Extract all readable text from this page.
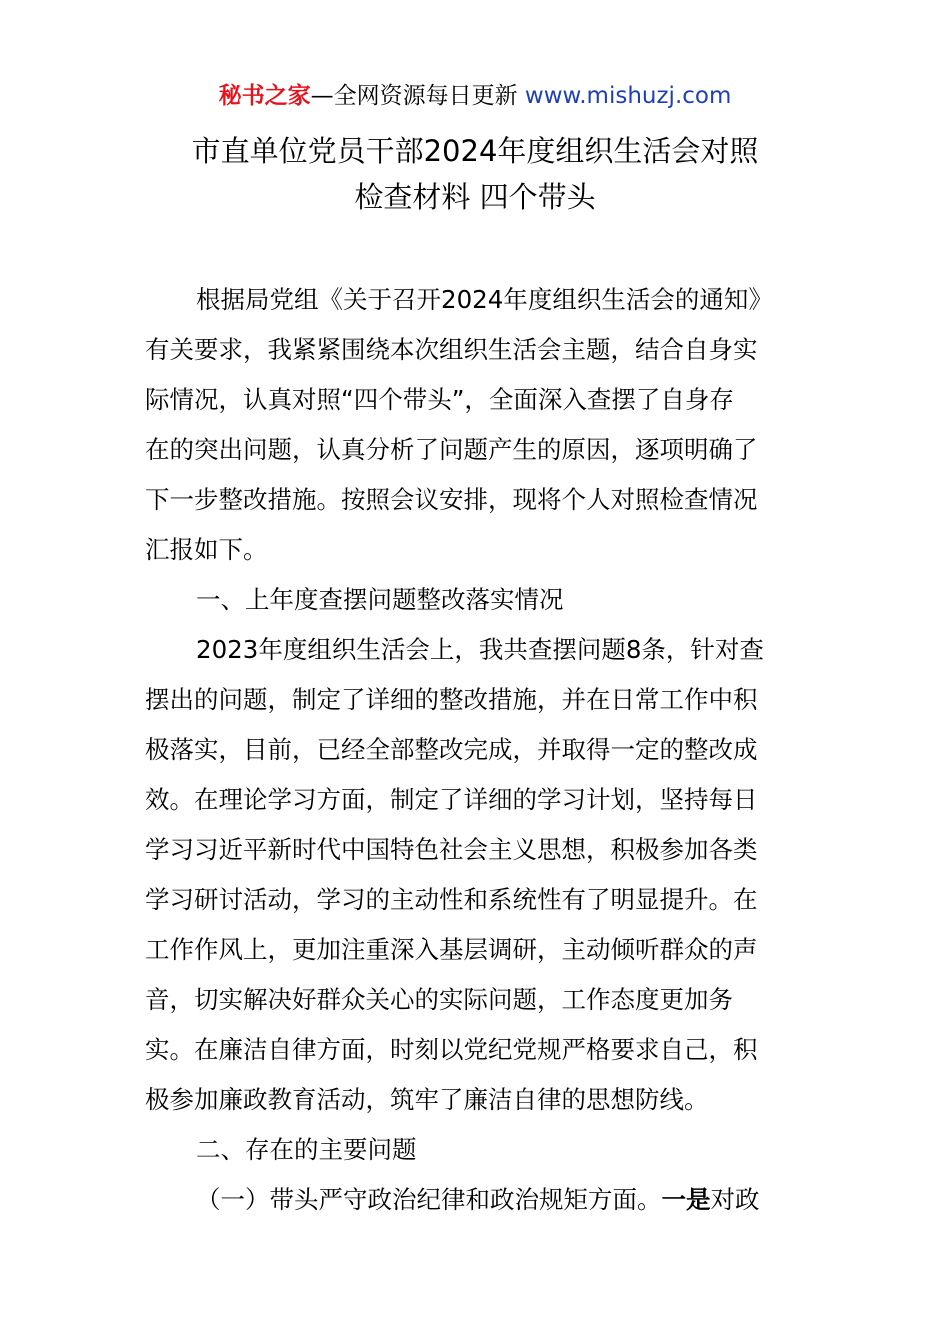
秘书之家—全网资源每日更新 www.mishuzj.com
市直单位党员干部2024年度组织生活会对照
检查材料 四个带头
根据局党组《关于召开2024年度组织生活会的通知》
有关要求，我紧紧围绕本次组织生活会主题，结合自身实
际情况，认真对照“四个带头”，全面深入查摆了自身存
在的突出问题，认真分析了问题产生的原因，逐项明确了
下一步整改措施。按照会议安排，现将个人对照检查情况
汇报如下。
一、上年度查摆问题整改落实情况
2023年度组织生活会上，我共查摆问题8条，针对查
摆出的问题，制定了详细的整改措施，并在日常工作中积
极落实，目前，已经全部整改完成，并取得一定的整改成
效。在理论学习方面，制定了详细的学习计划，坚持每日
学习习近平新时代中国特色社会主义思想，积极参加各类
学习研讨活动，学习的主动性和系统性有了明显提升。在
工作作风上，更加注重深入基层调研，主动倾听群众的声
音，切实解决好群众关心的实际问题，工作态度更加务
实。在廉洁自律方面，时刻以党纪党规严格要求自己，积
极参加廉政教育活动，筑牢了廉洁自律的思想防线。
二、存在的主要问题
（一）带头严守政治纪律和政治规矩方面。一是对政
